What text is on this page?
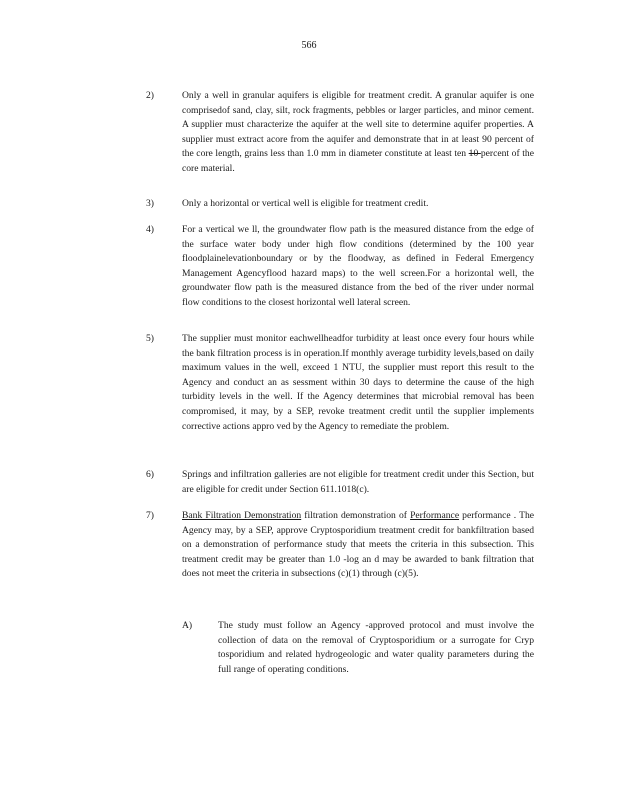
566
2)	Only a well in granular aquifers is eligible for treatment credit. A granular aquifer is one comprisedof sand, clay, silt, rock fragments, pebbles or larger particles, and minor cement. A supplier must characterize the aquifer at the well site to determine aquifer properties. A supplier must extract acore from the aquifer and demonstrate that in at least 90 percent of the core length, grains less than 1.0 mm in diameter constitute at least ten 10 percent of the core material.
3)	Only a horizontal or vertical well is eligible for treatment credit.
4)	For a vertical we ll, the groundwater flow path is the measured distance from the edge of the surface water body under high flow conditions (determined by the 100 year floodplainelevationboundary or by the floodway, as defined in Federal Emergency Management Agencyflood hazard maps) to the well screen.For a horizontal well, the groundwater flow path is the measured distance from the bed of the river under normal flow conditions to the closest horizontal well lateral screen.
5)	The supplier must monitor eachwellheadfor turbidity at least once every four hours while the bank filtration process is in operation.If monthly average turbidity levels,based on daily maximum values in the well, exceed 1 NTU, the supplier must report this result to the Agency and conduct an as sessment within 30 days to determine the cause of the high turbidity levels in the well. If the Agency determines that microbial removal has been compromised, it may, by a SEP, revoke treatment credit until the supplier implements corrective actions appro ved by the Agency to remediate the problem.
6)	Springs and infiltration galleries are not eligible for treatment credit under this Section, but are eligible for credit under Section 611.1018(c).
7)	Bank Filtration Demonstration filtration demonstration of Performance performance . The Agency may, by a SEP, approve Cryptosporidium treatment credit for bankfiltration based on a demonstration of performance study that meets the criteria in this subsection. This treatment credit may be greater than 1.0 -log an d may be awarded to bank filtration that does not meet the criteria in subsections (c)(1) through (c)(5).
A)	The study must follow an Agency -approved protocol and must involve the collection of data on the removal of Cryptosporidium or a surrogate for Cryp tosporidium and related hydrogeologic and water quality parameters during the full range of operating conditions.
